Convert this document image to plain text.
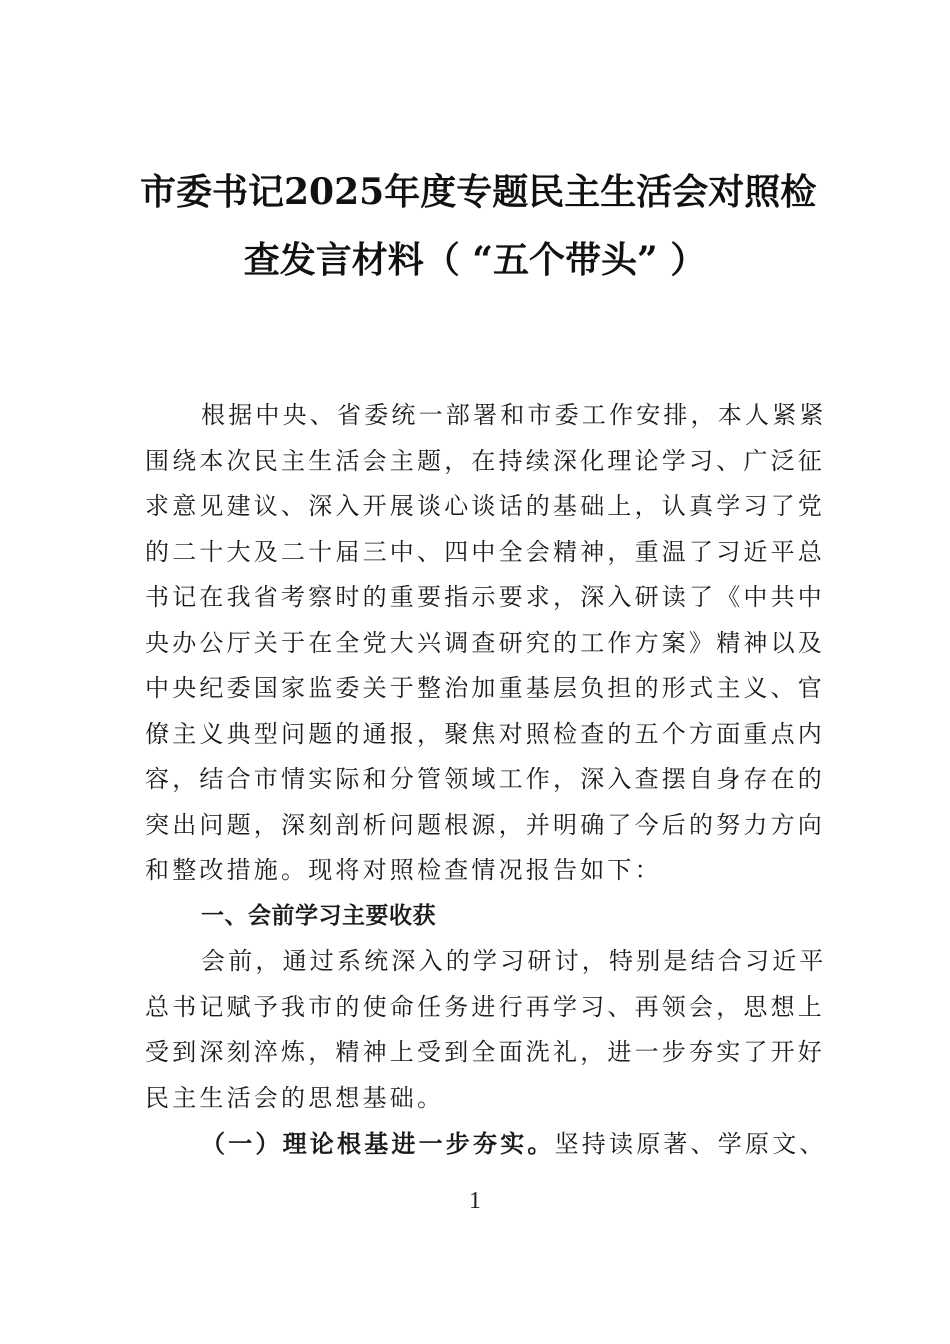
市委书记2025年度专题民主生活会对照检
查发言材料（ “五个带头” ）
根据中央、省委统一部署和市委工作安排，本人紧紧
围绕本次民主生活会主题，在持续深化理论学习、广泛征
求意见建议、深入开展谈心谈话的基础上，认真学习了党
的二十大及二十届三中、四中全会精神，重温了习近平总
书记在我省考察时的重要指示要求，深入研读了《中共中
央办公厅关于在全党大兴调查研究的工作方案》精神以及
中央纪委国家监委关于整治加重基层负担的形式主义、官
僚主义典型问题的通报，聚焦对照检查的五个方面重点内
容，结合市情实际和分管领域工作，深入查摆自身存在的
突出问题，深刻剖析问题根源，并明确了今后的努力方向
和整改措施。现将对照检查情况报告如下：
一、会前学习主要收获
会前，通过系统深入的学习研讨，特别是结合习近平
总书记赋予我市的使命任务进行再学习、再领会，思想上
受到深刻淬炼，精神上受到全面洗礼，进一步夯实了开好
民主生活会的思想基础。
（一）理论根基进一步夯实。坚持读原著、学原文、
1
